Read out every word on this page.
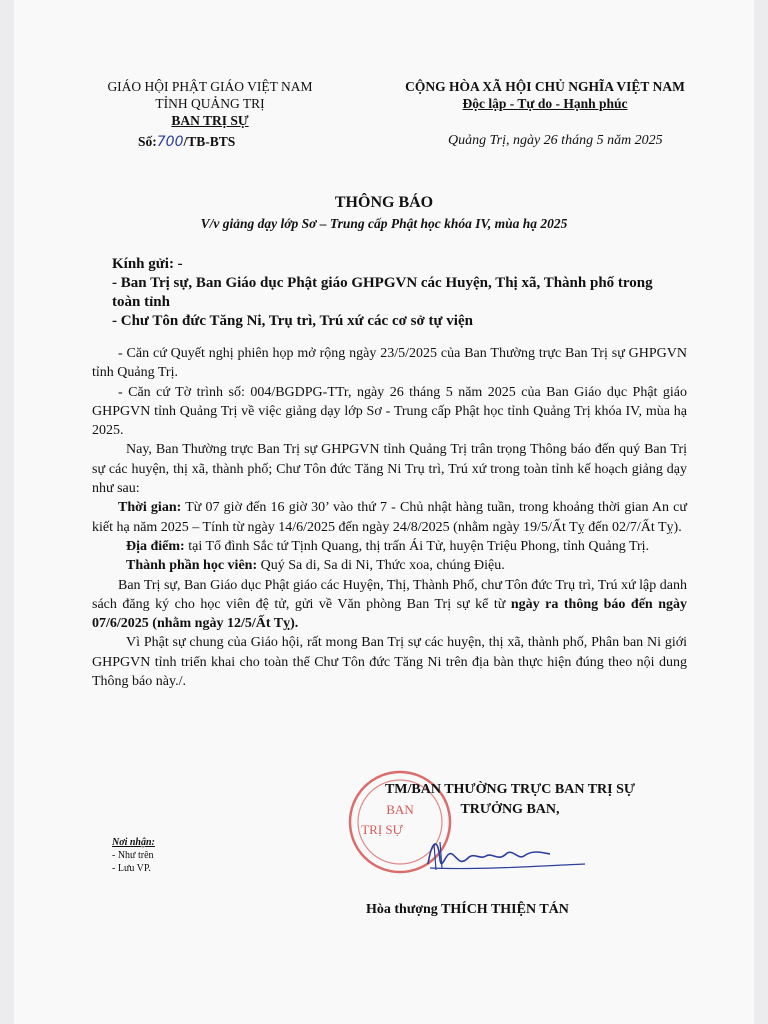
GIÁO HỘI PHẬT GIÁO VIỆT NAM
TỈNH QUẢNG TRỊ
BAN TRỊ SỰ
Số:700/TB-BTS
CỘNG HÒA XÃ HỘI CHỦ NGHĨA VIỆT NAM
Độc lập - Tự do - Hạnh phúc
Quảng Trị, ngày 26 tháng 5 năm 2025
THÔNG BÁO
V/v giảng dạy lớp Sơ – Trung cấp Phật học khóa IV, mùa hạ 2025
Kính gửi: -
- Ban Trị sự, Ban Giáo dục Phật giáo GHPGVN các Huyện, Thị xã, Thành phố trong toàn tỉnh
- Chư Tôn đức Tăng Ni, Trụ trì, Trú xứ các cơ sở tự viện

- Căn cứ Quyết nghị phiên họp mở rộng ngày 23/5/2025 của Ban Thường trực Ban Trị sự GHPGVN tỉnh Quảng Trị.

- Căn cứ Tờ trình số: 004/BGDPG-TTr, ngày 26 tháng 5 năm 2025 của Ban Giáo dục Phật giáo GHPGVN tỉnh Quảng Trị về việc giảng dạy lớp Sơ - Trung cấp Phật học tỉnh Quảng Trị khóa IV, mùa hạ 2025.

Nay, Ban Thường trực Ban Trị sự GHPGVN tỉnh Quảng Trị trân trọng Thông báo đến quý Ban Trị sự các huyện, thị xã, thành phố; Chư Tôn đức Tăng Ni Trụ trì, Trú xứ trong toàn tỉnh kế hoạch giảng dạy như sau:

Thời gian: Từ 07 giờ đến 16 giờ 30’ vào thứ 7 - Chủ nhật hàng tuần, trong khoảng thời gian An cư kiết hạ năm 2025 – Tính từ ngày 14/6/2025 đến ngày 24/8/2025 (nhằm ngày 19/5/Ất Tỵ đến 02/7/Ất Tỵ).

Địa điểm: tại Tổ đình Sắc tứ Tịnh Quang, thị trấn Ái Tử, huyện Triệu Phong, tỉnh Quảng Trị.

Thành phần học viên: Quý Sa di, Sa di Ni, Thức xoa, chúng Điệu.

Ban Trị sự, Ban Giáo dục Phật giáo các Huyện, Thị, Thành Phố, chư Tôn đức Trụ trì, Trú xứ lập danh sách đăng ký cho học viên đệ tử, gửi về Văn phòng Ban Trị sự kể từ ngày ra thông báo đến ngày 07/6/2025 (nhằm ngày 12/5/Ất Tỵ).

Vì Phật sự chung của Giáo hội, rất mong Ban Trị sự các huyện, thị xã, thành phố, Phân ban Ni giới GHPGVN tỉnh triển khai cho toàn thể Chư Tôn đức Tăng Ni trên địa bàn thực hiện đúng theo nội dung Thông báo này./.

BAN
TRỊ SỰ
TM/BAN THƯỜNG TRỰC BAN TRỊ SỰ
TRƯỞNG BAN,
Hòa thượng THÍCH THIỆN TÁN
Nơi nhận:
- Như trên
- Lưu VP.
